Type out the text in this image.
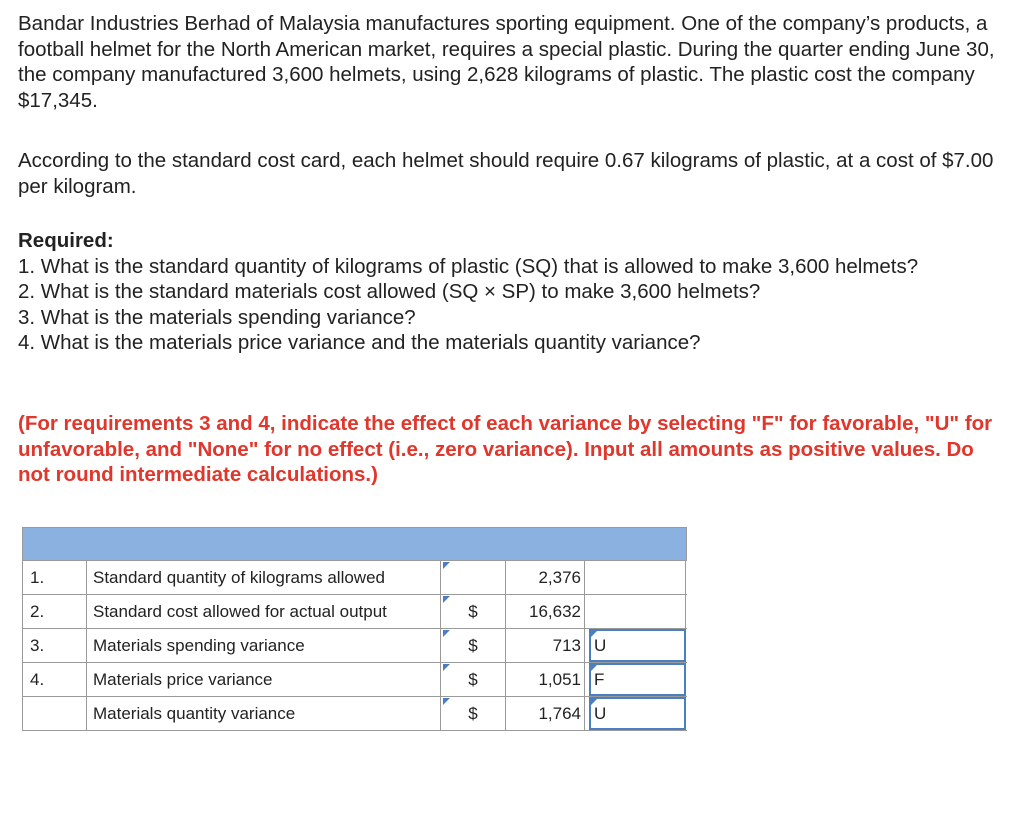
Bandar Industries Berhad of Malaysia manufactures sporting equipment. One of the company’s products, a football helmet for the North American market, requires a special plastic. During the quarter ending June 30, the company manufactured 3,600 helmets, using 2,628 kilograms of plastic. The plastic cost the company $17,345.

According to the standard cost card, each helmet should require 0.67 kilograms of plastic, at a cost of $7.00 per kilogram.

Required:

1. What is the standard quantity of kilograms of plastic (SQ) that is allowed to make 3,600 helmets?

2. What is the standard materials cost allowed (SQ × SP) to make 3,600 helmets?

3. What is the materials spending variance?

4. What is the materials price variance and the materials quantity variance?

(For requirements 3 and 4, indicate the effect of each variance by selecting "F" for favorable, "U" for unfavorable, and "None" for no effect (i.e., zero variance). Input all amounts as positive values. Do not round intermediate calculations.)

1.	Standard quantity of kilograms allowed	2,376
2.	Standard cost allowed for actual output	$	16,632
3.	Materials spending variance	$	713 U
4.	Materials price variance	$	1,051 F
Materials quantity variance	$	1,764 U
